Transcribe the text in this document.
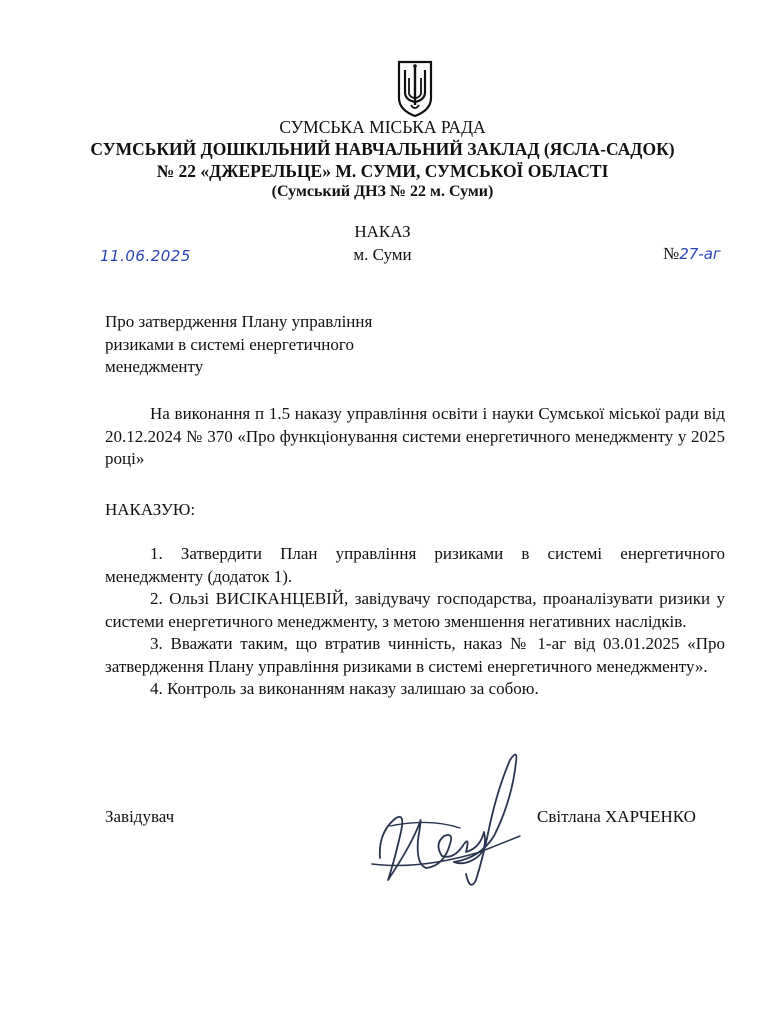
СУМСЬКА МІСЬКА РАДА
СУМСЬКИЙ ДОШКІЛЬНИЙ НАВЧАЛЬНИЙ ЗАКЛАД (ЯСЛА-САДОК)
№ 22 «ДЖЕРЕЛЬЦЕ» М. СУМИ, СУМСЬКОЇ ОБЛАСТІ
(Сумський ДНЗ № 22 м. Суми)
НАКАЗ
м. Суми
11.06.2025	№27-аг
Про затвердження Плану управління ризиками в системі енергетичного менеджменту
На виконання п 1.5 наказу управління освіти і науки Сумської міської ради від 20.12.2024 № 370 «Про функціонування системи енергетичного менеджменту у 2025 році»
НАКАЗУЮ:

1. Затвердити План управління ризиками в системі енергетичного менеджменту (додаток 1).

2. Ользі ВИСІКАНЦЕВІЙ, завідувачу господарства, проаналізувати ризики у системи енергетичного менеджменту, з метою зменшення негативних наслідків.

3. Вважати таким, що втратив чинність, наказ № 1-аг від 03.01.2025 «Про затвердження Плану управління ризиками в системі енергетичного менеджменту».

4. Контроль за виконанням наказу залишаю за собою.

Завідувач	Світлана ХАРЧЕНКО
